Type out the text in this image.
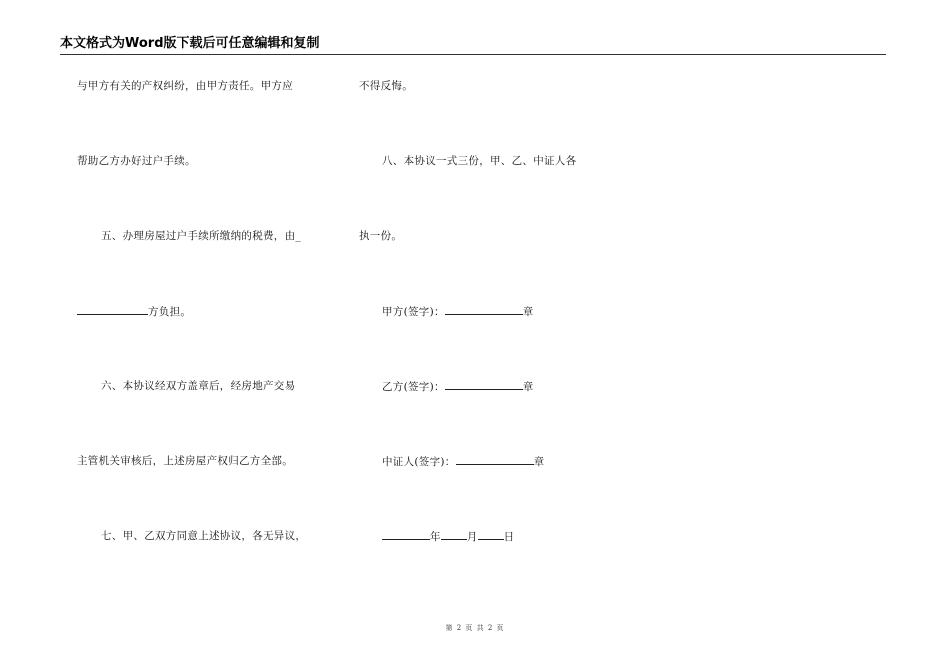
本文格式为Word版下载后可任意编辑和复制
与甲方有关的产权纠纷，由甲方责任。甲方应
帮助乙方办好过户手续。
五、办理房屋过户手续所缴纳的税费，由_
方负担。
六、本协议经双方盖章后，经房地产交易
主管机关审核后，上述房屋产权归乙方全部。
七、甲、乙双方同意上述协议，各无异议，
不得反悔。
八、本协议一式三份，甲、乙、中证人各
执一份。
甲方(签字)：	章
乙方(签字)：	章
中证人(签字)：	章
年 月 日
第 2 页 共 2 页
